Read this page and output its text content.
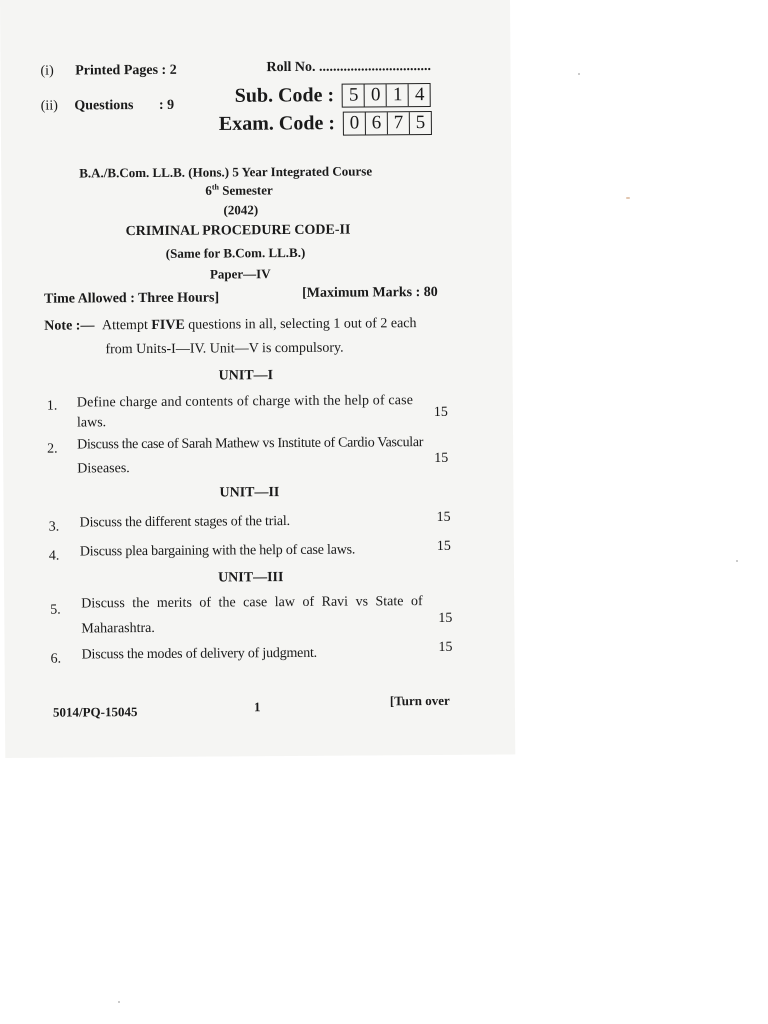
(i) Printed Pages : 2	Roll No. ................................
(ii) Questions : 9	Sub. Code : 5 0 1 4
Exam. Code : 0 6 7 5
B.A./B.Com. LL.B. (Hons.) 5 Year Integrated Course
6th Semester
(2042)
CRIMINAL PROCEDURE CODE-II
(Same for B.Com. LL.B.)
Paper—IV
Time Allowed : Three Hours]	[Maximum Marks : 80
Note :— Attempt FIVE questions in all, selecting 1 out of 2 each
from Units-I—IV. Unit—V is compulsory.
UNIT—I
1. Define charge and contents of charge with the help of case
laws.
15
2. Discuss the case of Sarah Mathew vs Institute of Cardio Vascular
Diseases.
15
UNIT—II
3. Discuss the different stages of the trial.	15
4. Discuss plea bargaining with the help of case laws.	15
UNIT—III
5. Discuss the merits of the case law of Ravi vs State of
Maharashtra.
15
6. Discuss the modes of delivery of judgment.	15
5014/PQ-15045	1	[Turn over
